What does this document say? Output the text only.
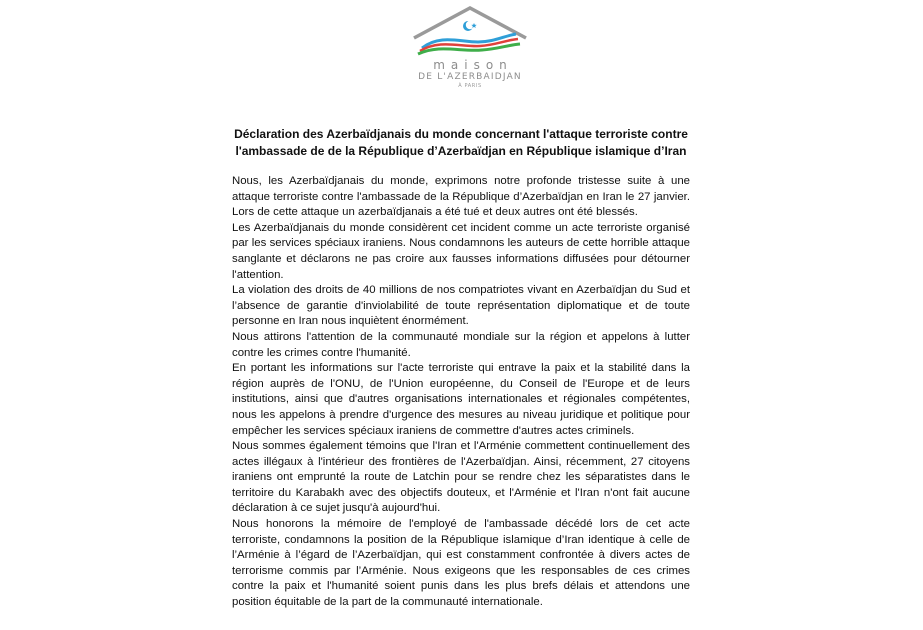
maison
DE L'AZERBAIDJAN
À PARIS
Déclaration des Azerbaïdjanais du monde concernant l'attaque terroriste contre l'ambassade de de la République d’Azerbaïdjan en République islamique d’Iran

Nous, les Azerbaïdjanais du monde, exprimons notre profonde tristesse suite à une attaque terroriste contre l'ambassade de la République d’Azerbaïdjan en Iran le 27 janvier. Lors de cette attaque un azerbaïdjanais a été tué et deux autres ont été blessés.

Les Azerbaïdjanais du monde considèrent cet incident comme un acte terroriste organisé par les services spéciaux iraniens. Nous condamnons les auteurs de cette horrible attaque sanglante et déclarons ne pas croire aux fausses informations diffusées pour détourner l'attention.

La violation des droits de 40 millions de nos compatriotes vivant en Azerbaïdjan du Sud et l’absence de garantie d'inviolabilité de toute représentation diplomatique et de toute personne en Iran nous inquiètent énormément.

Nous attirons l'attention de la communauté mondiale sur la région et appelons à lutter contre les crimes contre l'humanité.

En portant les informations sur l'acte terroriste qui entrave la paix et la stabilité dans la région auprès de l'ONU, de l'Union européenne, du Conseil de l'Europe et de leurs institutions, ainsi que d'autres organisations internationales et régionales compétentes, nous les appelons à prendre d'urgence des mesures au niveau juridique et politique pour empêcher les services spéciaux iraniens de commettre d'autres actes criminels.

Nous sommes également témoins que l'Iran et l'Arménie commettent continuellement des actes illégaux à l'intérieur des frontières de l'Azerbaïdjan. Ainsi, récemment, 27 citoyens iraniens ont emprunté la route de Latchin pour se rendre chez les séparatistes dans le territoire du Karabakh avec des objectifs douteux, et l'Arménie et l'Iran n'ont fait aucune déclaration à ce sujet jusqu'à aujourd'hui.

Nous honorons la mémoire de l'employé de l'ambassade décédé lors de cet acte terroriste, condamnons la position de la République islamique d’Iran identique à celle de l’Arménie à l’égard de l’Azerbaïdjan, qui est constamment confrontée à divers actes de terrorisme commis par l’Arménie. Nous exigeons que les responsables de ces crimes contre la paix et l'humanité soient punis dans les plus brefs délais et attendons une position équitable de la part de la communauté internationale.
